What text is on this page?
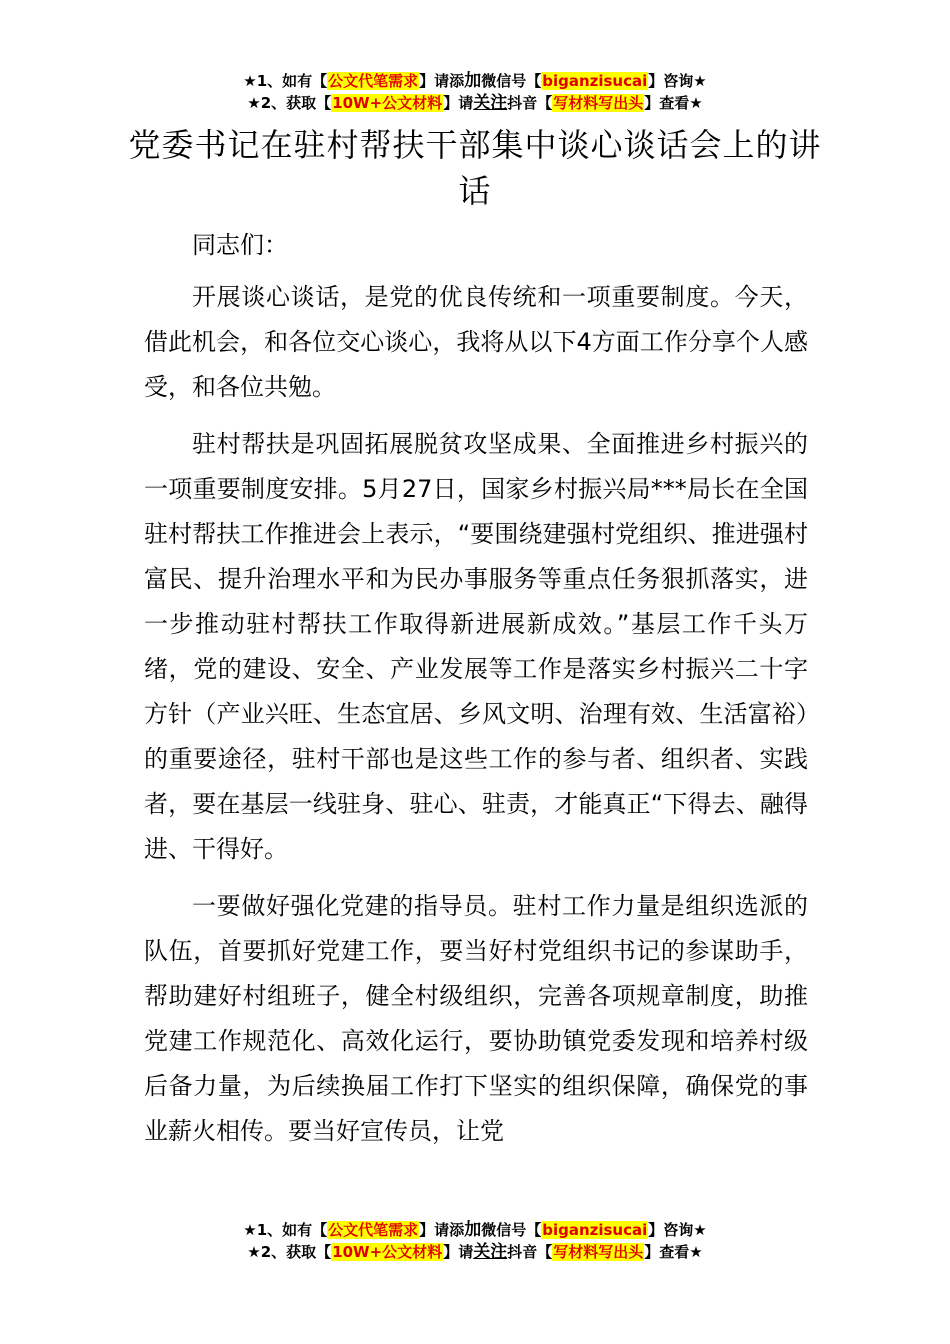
★1、如有【公文代笔需求】请添加微信号【biganzisucai】咨询★
★2、获取【10W+公文材料】请关注抖音【写材料写出头】查看★
党委书记在驻村帮扶干部集中谈心谈话会上的讲话

同志们：

开展谈心谈话，是党的优良传统和一项重要制度。今天，借此机会，和各位交心谈心，我将从以下4方面工作分享个人感受，和各位共勉。

驻村帮扶是巩固拓展脱贫攻坚成果、全面推进乡村振兴的一项重要制度安排。5月27日，国家乡村振兴局***局长在全国驻村帮扶工作推进会上表示，“要围绕建强村党组织、推进强村富民、提升治理水平和为民办事服务等重点任务狠抓落实，进一步推动驻村帮扶工作取得新进展新成效。”基层工作千头万绪，党的建设、安全、产业发展等工作是落实乡村振兴二十字方针（产业兴旺、生态宜居、乡风文明、治理有效、生活富裕）的重要途径，驻村干部也是这些工作的参与者、组织者、实践者，要在基层一线驻身、驻心、驻责，才能真正“下得去、融得进、干得好。

一要做好强化党建的指导员。驻村工作力量是组织选派的队伍，首要抓好党建工作，要当好村党组织书记的参谋助手，帮助建好村组班子，健全村级组织，完善各项规章制度，助推党建工作规范化、高效化运行，要协助镇党委发现和培养村级后备力量，为后续换届工作打下坚实的组织保障，确保党的事业薪火相传。要当好宣传员，让党

★1、如有【公文代笔需求】请添加微信号【biganzisucai】咨询★
★2、获取【10W+公文材料】请关注抖音【写材料写出头】查看★
